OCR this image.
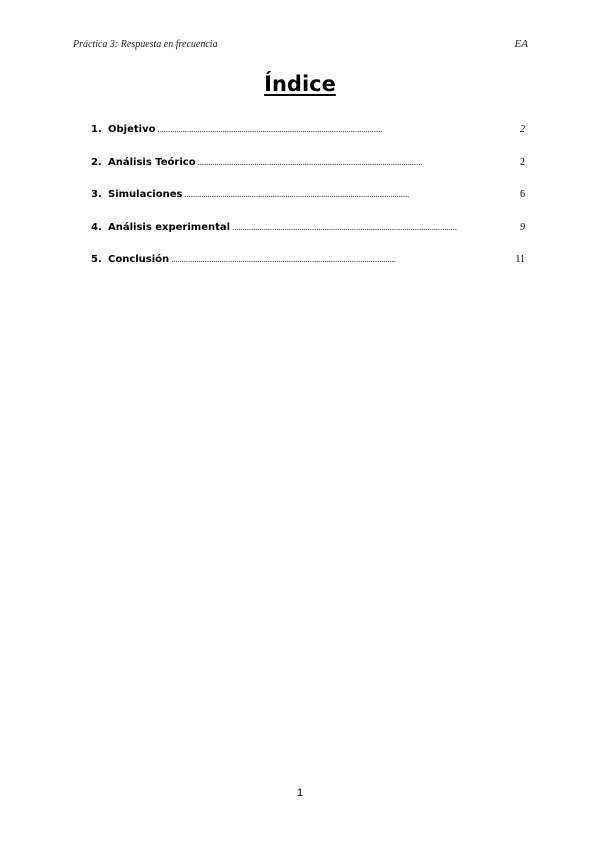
Práctica 3: Respuesta en frecuencia	EA
Índice
1. Objetivo . . .	2
2. Análisis Teórico . . .	2
3. Simulaciones . . .	6
4. Análisis experimental . . .	9
5. Conclusión . . .	11
1
